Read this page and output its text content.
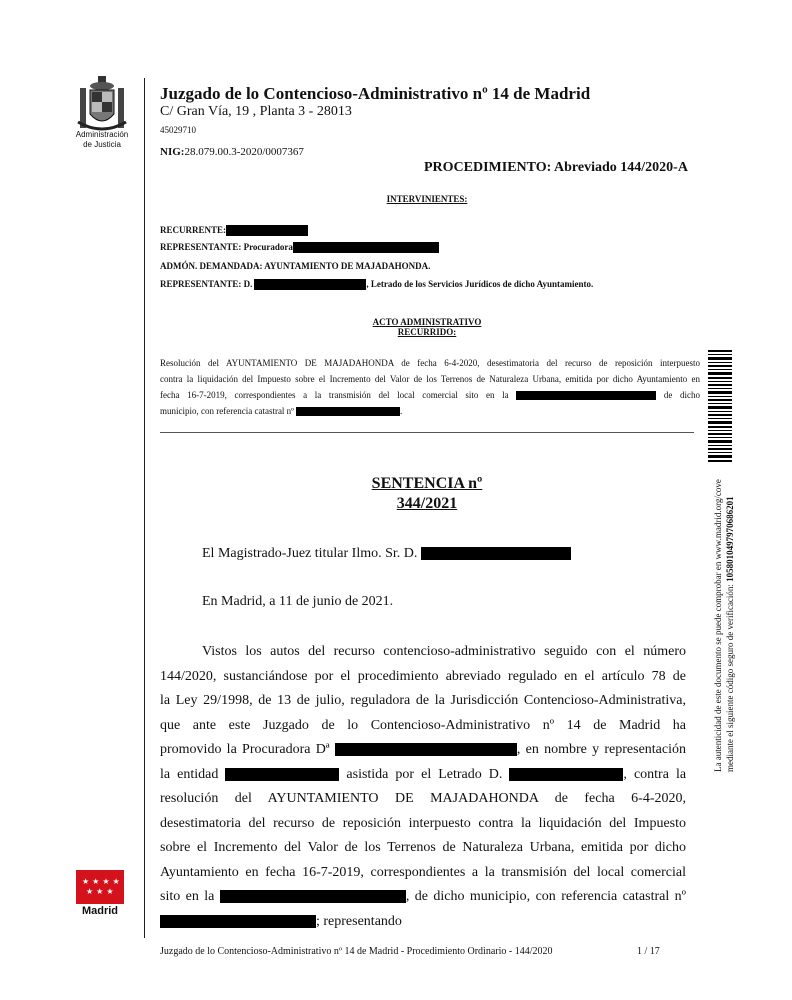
Administración
de Justicia
★★★★
★★★
Madrid
Juzgado de lo Contencioso-Administrativo nº 14 de Madrid
C/ Gran Vía, 19 , Planta 3 - 28013
45029710
NIG:28.079.00.3-2020/0007367
PROCEDIMIENTO: Abreviado 144/2020-A
INTERVINIENTES:
RECURRENTE:
REPRESENTANTE: Procuradora
ADMÓN. DEMANDADA: AYUNTAMIENTO DE MAJADAHONDA.
REPRESENTANTE: D.	, Letrado de los Servicios Jurídicos de dicho Ayuntamiento.
ACTO ADMINISTRATIVO
RECURRIDO:
Resolución del AYUNTAMIENTO DE MAJADAHONDA de fecha 6-4-2020, desestimatoria del recurso de reposición interpuesto
contra la liquidación del Impuesto sobre el Incremento del Valor de los Terrenos de Naturaleza Urbana, emitida por dicho Ayuntamiento en
fecha 16-7-2019, correspondientes a la transmisión del local comercial sito en la	de dicho
municipio, con referencia catastral nº	.
SENTENCIA nº
344/2021
El Magistrado-Juez titular Ilmo. Sr. D.
En Madrid, a 11 de junio de 2021.
Vistos los autos del recurso contencioso-administrativo seguido con el número
144/2020, sustanciándose por el procedimiento abreviado regulado en el artículo 78 de
la Ley 29/1998, de 13 de julio, reguladora de la Jurisdicción Contencioso-Administrativa,
que ante este Juzgado de lo Contencioso-Administrativo nº 14 de Madrid ha
promovido la Procuradora Dª	, en nombre y representación
la entidad	asistida por el Letrado D.	, contra la
resolución del AYUNTAMIENTO DE MAJADAHONDA de fecha 6-4-2020,
desestimatoria del recurso de reposición interpuesto contra la liquidación del Impuesto
sobre el Incremento del Valor de los Terrenos de Naturaleza Urbana, emitida por dicho
Ayuntamiento en fecha 16-7-2019, correspondientes a la transmisión del local comercial
sito en la	, de dicho municipio, con referencia catastral nº
; representando
La autenticidad de este documento se puede comprobar en www.madrid.org/cove mediante el siguiente código seguro de verificación: 1058010497970686201
Juzgado de lo Contencioso-Administrativo nº 14 de Madrid - Procedimiento Ordinario - 144/2020	1 / 17
